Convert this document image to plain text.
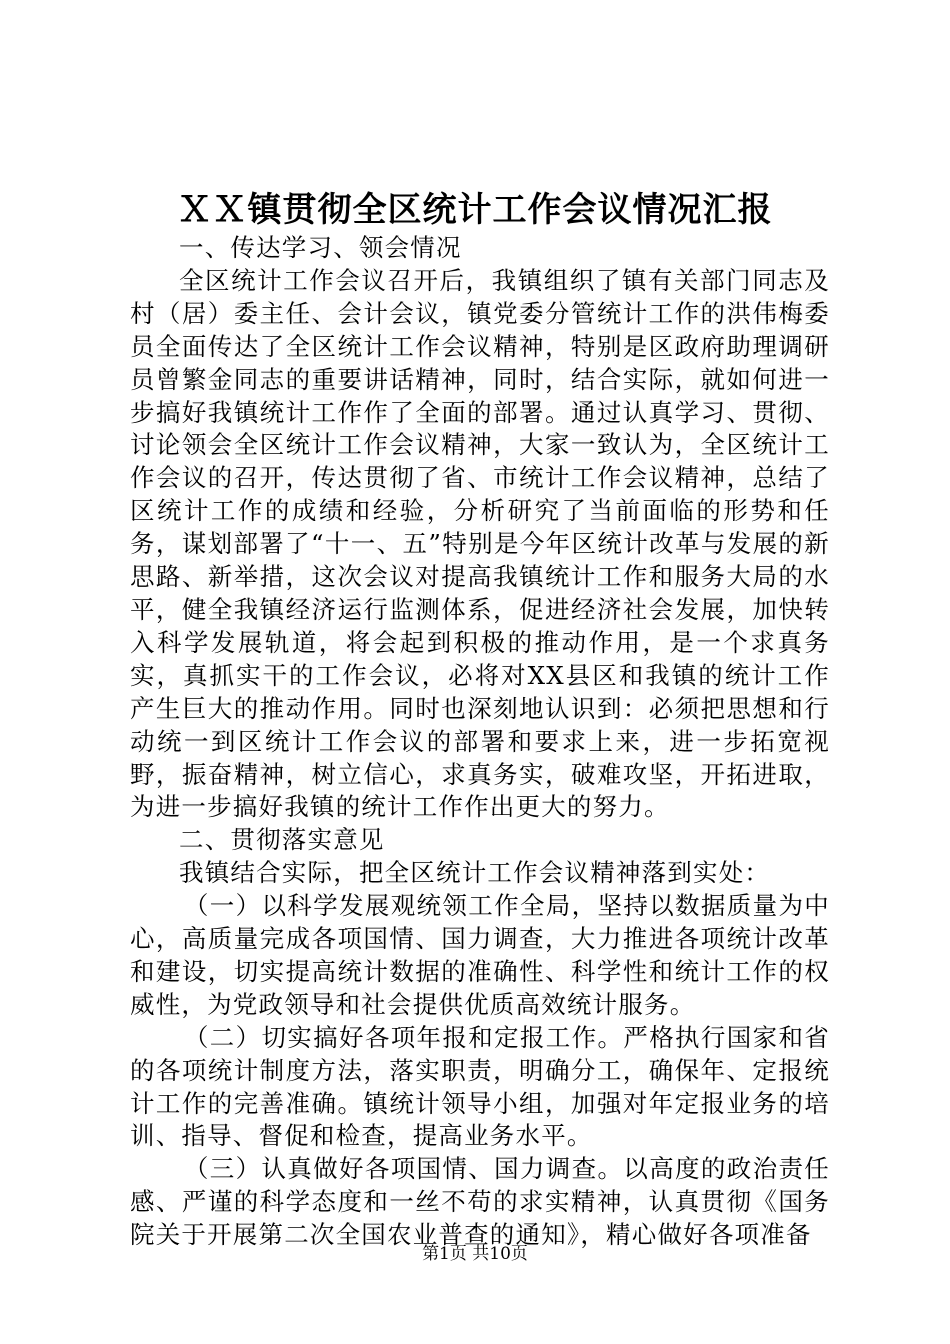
ＸＸ镇贯彻全区统计工作会议情况汇报

一、传达学习、领会情况

全区统计工作会议召开后，我镇组织了镇有关部门同志及村（居）委主任、会计会议，镇党委分管统计工作的洪伟梅委员全面传达了全区统计工作会议精神，特别是区政府助理调研员曾繁金同志的重要讲话精神，同时，结合实际，就如何进一步搞好我镇统计工作作了全面的部署。通过认真学习、贯彻、讨论领会全区统计工作会议精神，大家一致认为，全区统计工作会议的召开，传达贯彻了省、市统计工作会议精神，总结了区统计工作的成绩和经验，分析研究了当前面临的形势和任务，谋划部署了“十一、五”特别是今年区统计改革与发展的新思路、新举措，这次会议对提高我镇统计工作和服务大局的水平，健全我镇经济运行监测体系，促进经济社会发展，加快转入科学发展轨道，将会起到积极的推动作用，是一个求真务实，真抓实干的工作会议，必将对XX县区和我镇的统计工作产生巨大的推动作用。同时也深刻地认识到：必须把思想和行动统一到区统计工作会议的部署和要求上来，进一步拓宽视野，振奋精神，树立信心，求真务实，破难攻坚，开拓进取，为进一步搞好我镇的统计工作作出更大的努力。

二、贯彻落实意见

我镇结合实际，把全区统计工作会议精神落到实处：

（一）以科学发展观统领工作全局，坚持以数据质量为中心，高质量完成各项国情、国力调查，大力推进各项统计改革和建设，切实提高统计数据的准确性、科学性和统计工作的权威性，为党政领导和社会提供优质高效统计服务。

（二）切实搞好各项年报和定报工作。严格执行国家和省的各项统计制度方法，落实职责，明确分工，确保年、定报统计工作的完善准确。镇统计领导小组，加强对年定报业务的培训、指导、督促和检查，提高业务水平。

（三）认真做好各项国情、国力调查。以高度的政治责任感、严谨的科学态度和一丝不苟的求实精神，认真贯彻《国务院关于开展第二次全国农业普查的通知》，精心做好各项准备

第1页 共10页
